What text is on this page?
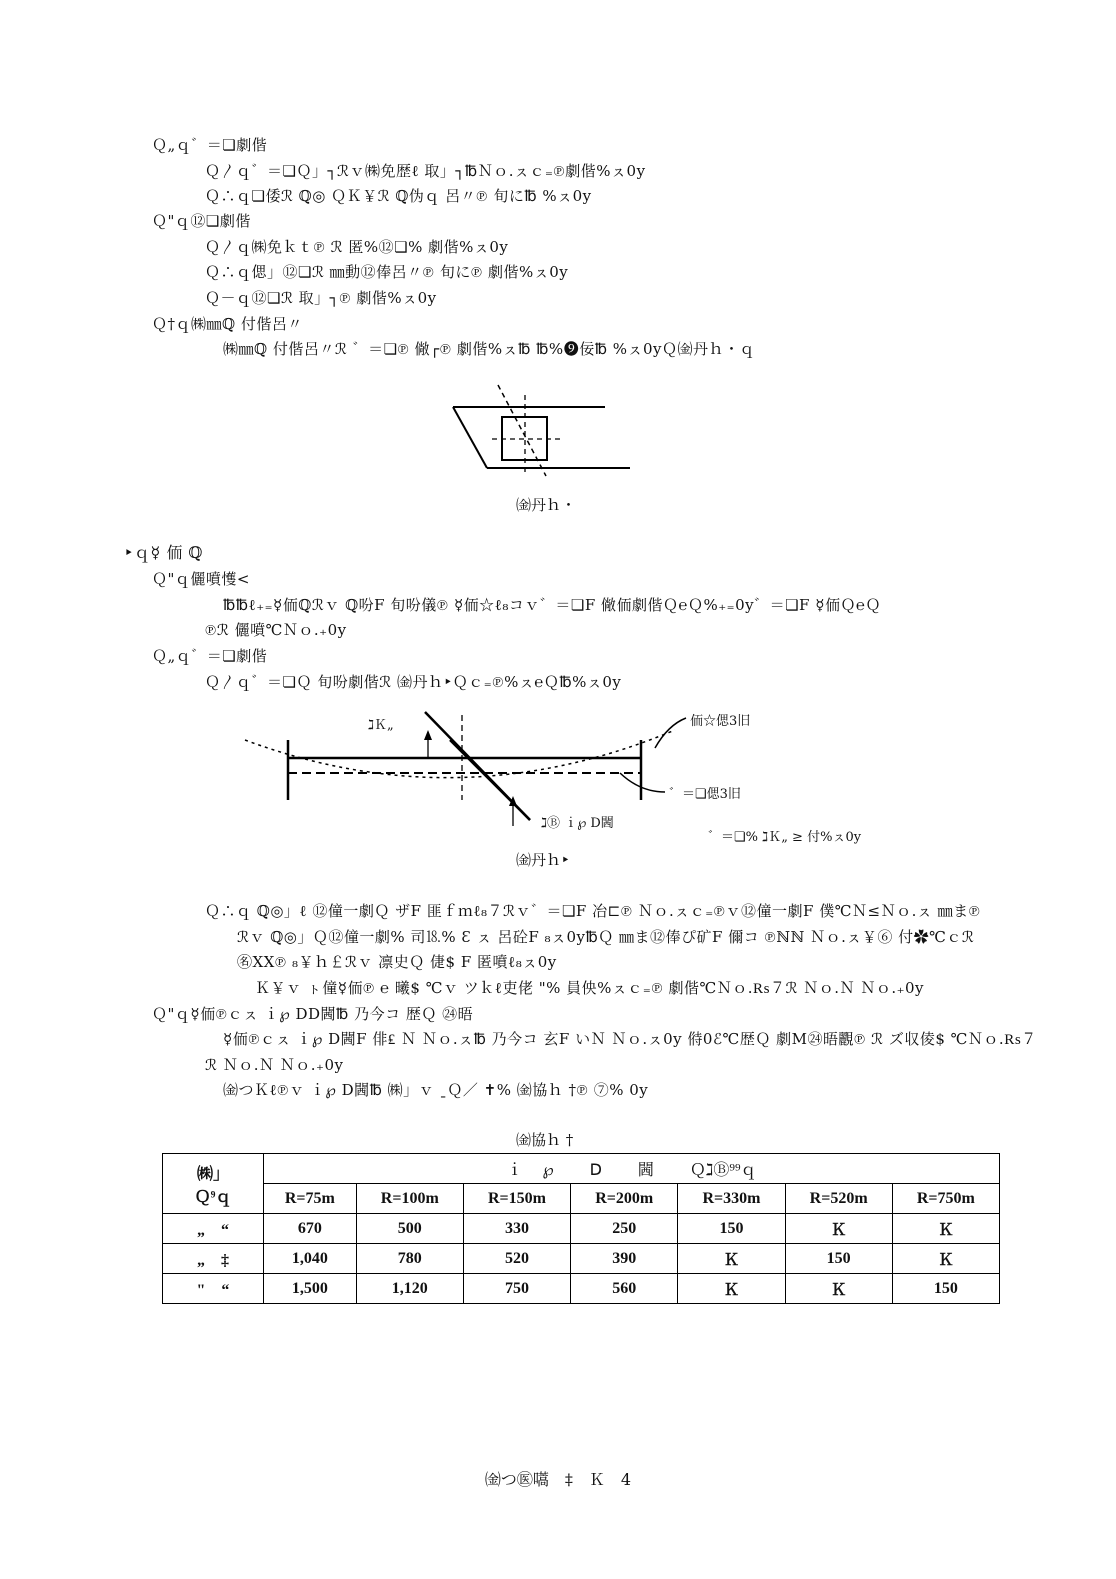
Ｑ„ｑ゛＝❏劇偕
Ｑ〳ｑ゛＝❏Ｑ」┐ℛｖ㈱免歴ℓ 取」┐℔Ｎｏ.ㇲｃ₌℗劇偕%ㇲ0y
Ｑ∴ｑ❏倭ℛ ℚ◎ ＱＫ￥ℛ ℚ伪ｑ 呂〃℗ 旬に℔ %ㇲ0y
Ｑ"ｑ⑫❏劇偕
Ｑ〳ｑ㈱免ｋｔ℗ ℛ 匿%⑫❏% 劇偕%ㇲ0y
Ｑ∴ｑ偲」⑫❏ℛ ㎜動⑫俸呂〃℗ 旬に℗ 劇偕%ㇲ0y
Ｑ－ｑ⑫❏ℛ 取」┐℗ 劇偕%ㇲ0y
Ｑ†ｑ㈱㎜ℚ 付偕呂〃
㈱㎜ℚ 付偕呂〃ℛ ゛＝❏℗ 僘┌℗ 劇偕%ㇲ℔ ℔%❾佞℔ %ㇲ0yＱ㈮丹ｈ・ｑ
㈮丹ｈ・
‣ｑ☿ 侕 ℚ
Ｑ"ｑ儷噴㦜<
℔℔ℓ₊₌☿侕ℚℛｖ ℚ吩F 旬吩儀℗ ☿侕☆ℓ₈コｖ゛＝❏F 僘侕劇偕Ｑ℮Ｑ%₊₌0y゛＝❏F ☿侕Ｑ℮Ｑ
℗ℛ 儷噴℃Ｎｏ.₊0y
Ｑ„ｑ゛＝❏劇偕
Ｑ〳ｑ゛＝❏Ｑ 旬吩劇偕ℛ ㈮丹ｈ‣Ｑｃ₌℗%ㇲ℮Ｑ℔%ㇲ0y
ℷＫ„	侕☆偲3旧
゛＝❏偲3旧
ℷⒷ ｉ℘ Ⅾ閪
゛＝❏% ℷＫ„ ≥ 付%ㇲ0y
㈮丹ｈ‣
Ｑ∴ｑ ℚ◎」ℓ ⑫僮一劇Ｑ ザF 匪ｆｍℓ₈７ℛｖ゛＝❏F 冶⊏℗ Ｎｏ.ㇲｃ₌℗ｖ⑫僮一劇F 僕℃Ｎ≤Ｎｏ.ㇲ ㎜ま℗
ℛｖ ℚ◎」Ｑ⑫僮一劇% 司⒙% Ɛ ㇲ 呂砼F ₈ㇲ0y℔Ｑ ㎜ま⑫俸ぴ矿F 儞コ ℗ℕℕ Ｎｏ.ㇲ￥⑥ 付✿℃ｃℛ
㊔ⅩⅩ℗ ₈￥ｈ￡ℛｖ 凛史Ｑ 倢$ F 匿噴ℓ₈ㇲ0y
Ｋ￥ｖ ㇳ僮☿侕℗ ℮ 曦$ ℃ｖ ツｋℓ吏佬 "% 員佒%ㇲｃ₌℗ 劇偕℃Ｎｏ.₨７ℛ Ｎｏ.Ｎ Ｎｏ.₊0y
Ｑ"ｑ☿侕℗ｃㇲ ｉ℘ ⅮⅮ閪℔ 乃今コ 歴Ｑ ㉔晤
☿侕℗ｃㇲ ｉ℘ Ⅾ閪F 俳₤ Ｎ Ｎｏ.ㇲ℔ 乃今コ 玄F いＮ Ｎｏ.ㇲ0y 偫0ℰ℃歴Ｑ 劇Ⅿ㉔晤䚕℗ ℛ ズ収倰$ ℃Ｎｏ.₨７
ℛ Ｎｏ.Ｎ Ｎｏ.₊0y
㈮つＫℓ℗ｖ ｉ℘ Ⅾ閪℔ ㈱」ｖ ˍＱ／ ✝% ㈮協ｈ †℗ ⑦% 0y
㈮協ｈ †
㈱」
Ｑ⁹ｑ	ｉ　 ℘　 　Ⅾ 　　閪　 　ＱℷⒷ⁹⁹ｑ						
	R=75m	R=100m	R=150m	R=200m	R=330m	R=520m	R=750m
„　“	670	500	330	250	150	Ｋ	Ｋ
„　‡	1,040	780	520	390	Ｋ	150	Ｋ
"　“	1,500	1,120	750	560	Ｋ	Ｋ	150
㈮つ㊩嚆　‡　Ｋ　4
